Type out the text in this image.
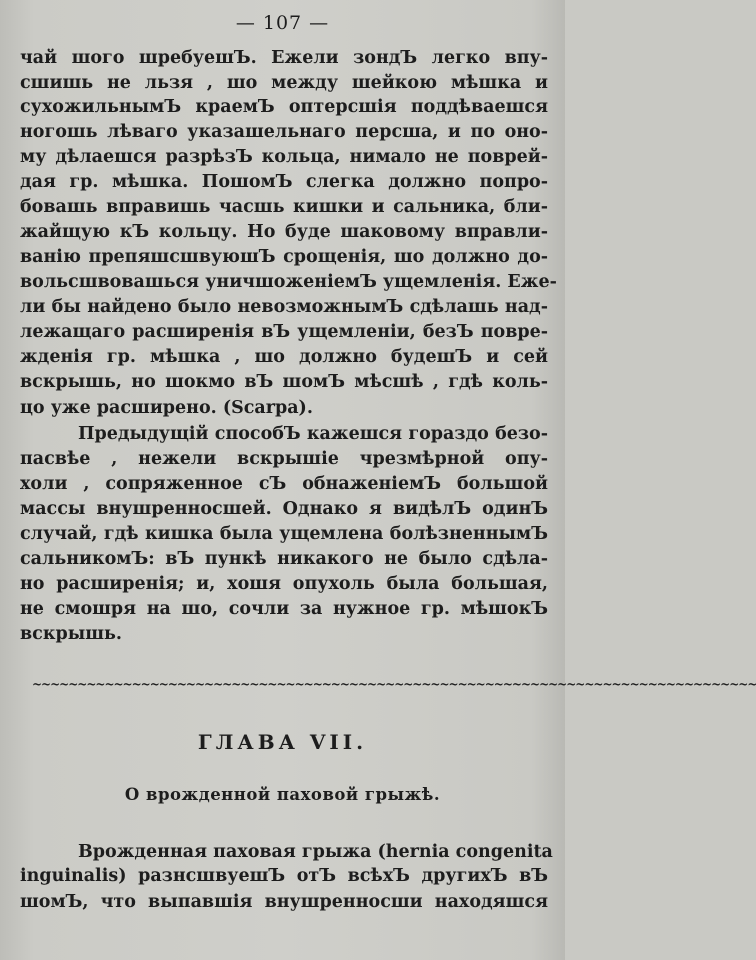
— 107 —
чай шого шребуешЪ. Ежели зондЪ легко впу-
сшишь не льзя , шо между шейкою мѣшка и
сухожильнымЪ краемЪ оптерсшія поддѣваешся
ногошь лѣваго указашельнаго персша, и по оно-
му дѣлаешся разрѣзЪ кольца, нимало не поврей-
дая гр. мѣшка. ПошомЪ слегка должно попро-
бовашь вправишь часшь кишки и сальника, бли-
жайщую кЪ кольцу. Но буде шаковому вправли-
ванію препяшсшвуюшЪ срощенія, шо должно до-
вольсшвовашься уничшоженіемЪ ущемленія. Еже-
ли бы найдено было невозможнымЪ сдѣлашь над-
лежащаго расширенія вЪ ущемленіи, безЪ повре-
жденія гр. мѣшка , шо должно будешЪ и сей
вскрышь, но шокмо вЪ шомЪ мѣсшѣ , гдѣ коль-
цо уже расширено. (Scarpa).
Предыдущій способЪ кажешся гораздо безо-
пасвѣе , нежели вскрышіе чрезмѣрной опу-
холи , сопряженное сЪ обнаженіемЪ большой
массы внушренносшей. Однако я видѣлЪ одинЪ
случай, гдѣ кишка была ущемлена болѣзненнымЪ
сальникомЪ: вЪ пункѣ никакого не было сдѣла-
но расширенія; и, хошя опухоль была большая,
не смошря на шо, сочли за нужное гр. мѣшокЪ
вскрышь.
~~~~~~~~~~~~~~~~~~~~~~~~~~~~~~~~~~~~~~~~~~~~~~~~~~~~~~~~~~~~~~~~~~~~~~~~~~~~~~~~
ГЛАВА VII.
О врожденной паховой грыжѣ.
Врожденная паховая грыжа (hernia congenita
inguinalis) разнсшвуешЪ отЪ всѣхЪ другихЪ вЪ
шомЪ, что выпавшія внушренносши находяшся
